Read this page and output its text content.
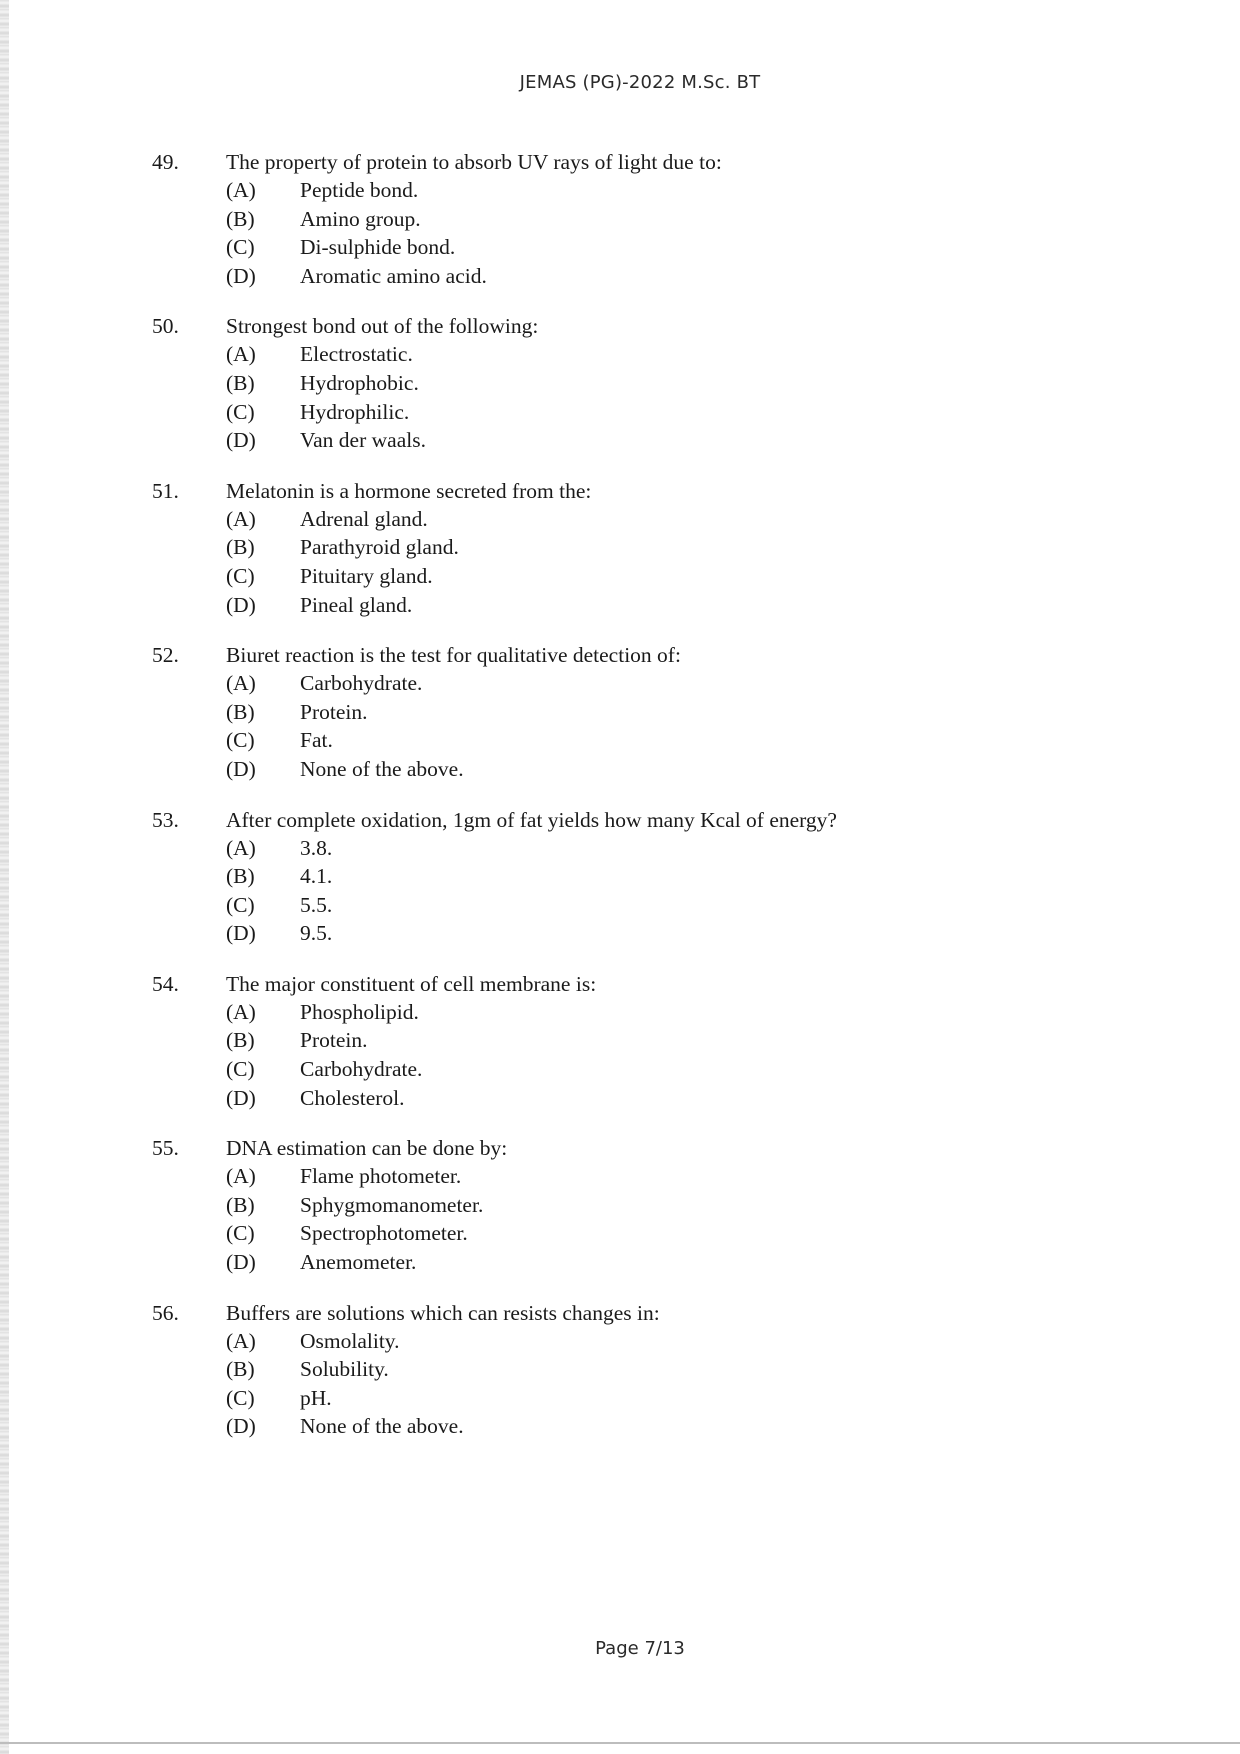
JEMAS (PG)-2022 M.Sc. BT
49.	The property of protein to absorb UV rays of light due to:
(A)	Peptide bond.
(B)	Amino group.
(C)	Di-sulphide bond.
(D)	Aromatic amino acid.
50.	Strongest bond out of the following:
(A)	Electrostatic.
(B)	Hydrophobic.
(C)	Hydrophilic.
(D)	Van der waals.
51.	Melatonin is a hormone secreted from the:
(A)	Adrenal gland.
(B)	Parathyroid gland.
(C)	Pituitary gland.
(D)	Pineal gland.
52.	Biuret reaction is the test for qualitative detection of:
(A)	Carbohydrate.
(B)	Protein.
(C)	Fat.
(D)	None of the above.
53.	After complete oxidation, 1gm of fat yields how many Kcal of energy?
(A)	3.8.
(B)	4.1.
(C)	5.5.
(D)	9.5.
54.	The major constituent of cell membrane is:
(A)	Phospholipid.
(B)	Protein.
(C)	Carbohydrate.
(D)	Cholesterol.
55.	DNA estimation can be done by:
(A)	Flame photometer.
(B)	Sphygmomanometer.
(C)	Spectrophotometer.
(D)	Anemometer.
56.	Buffers are solutions which can resists changes in:
(A)	Osmolality.
(B)	Solubility.
(C)	pH.
(D)	None of the above.
Page 7/13
